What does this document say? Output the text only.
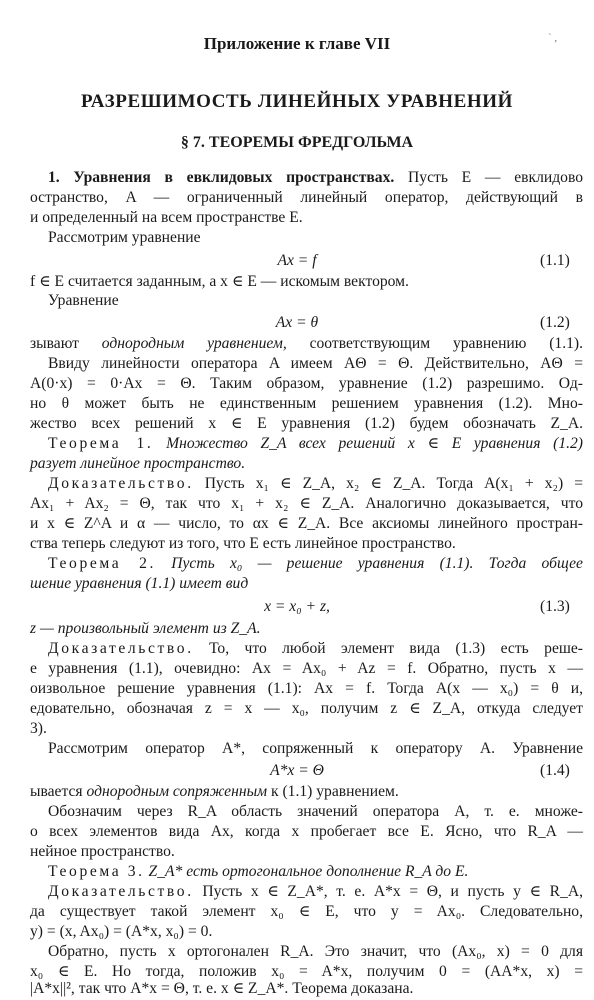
Приложение к главе VII	` ,
РАЗРЕШИМОСТЬ ЛИНЕЙНЫХ УРАВНЕНИЙ
§ 7. ТЕОРЕМЫ ФРЕДГОЛЬМА
1. Уравнения в евклидовых пространствах. Пусть E — евклидово
остранство, A — ограниченный линейный оператор, действующий в
и определенный на всем пространстве E.
Рассмотрим уравнение
Ax = f	(1.1)
f ∈ E считается заданным, а x ∈ E — искомым вектором.
Уравнение
Ax = θ	(1.2)
зывают однородным уравнением, соответствующим уравнению (1.1).
Ввиду линейности оператора A имеем AΘ = Θ. Действительно, AΘ =
A(0·x) = 0·Ax = Θ. Таким образом, уравнение (1.2) разрешимо. Од-
но θ может быть не единственным решением уравнения (1.2). Мно-
жество всех решений x ∈ E уравнения (1.2) будем обозначать Z_A.
Теорема 1. Множество Z_A всех решений x ∈ E уравнения (1.2)
разует линейное пространство.
Доказательство. Пусть x₁ ∈ Z_A, x₂ ∈ Z_A. Тогда A(x₁ + x₂) =
Ax₁ + Ax₂ = Θ, так что x₁ + x₂ ∈ Z_A. Аналогично доказывается, что
и x ∈ Z^A и α — число, то αx ∈ Z_A. Все аксиомы линейного простран-
ства теперь следуют из того, что E есть линейное пространство.
Теорема 2. Пусть x₀ — решение уравнения (1.1). Тогда общее
шение уравнения (1.1) имеет вид
x = x₀ + z,	(1.3)
z — произвольный элемент из Z_A.
Доказательство. То, что любой элемент вида (1.3) есть реше-
е уравнения (1.1), очевидно: Ax = Ax₀ + Az = f. Обратно, пусть x —
оизвольное решение уравнения (1.1): Ax = f. Тогда A(x — x₀) = θ и,
едовательно, обозначая z = x — x₀, получим z ∈ Z_A, откуда следует
3).
Рассмотрим оператор A*, сопряженный к оператору A. Уравнение
A*x = Θ	(1.4)
ывается однородным сопряженным к (1.1) уравнением.
Обозначим через R_A область значений оператора A, т. е. множе-
о всех элементов вида Ax, когда x пробегает все E. Ясно, что R_A —
нейное пространство.
Теорема 3. Z_A* есть ортогональное дополнение R_A до E.
Доказательство. Пусть x ∈ Z_A*, т. е. A*x = Θ, и пусть y ∈ R_A,
да существует такой элемент x₀ ∈ E, что y = Ax₀. Следовательно,
y) = (x, Ax₀) = (A*x, x₀) = 0.
Обратно, пусть x ортогонален R_A. Это значит, что (Ax₀, x) = 0 для
x₀ ∈ E. Но тогда, положив x₀ = A*x, получим 0 = (AA*x, x) =
|A*x||², так что A*x = Θ, т. е. x ∈ Z_A*. Теорема доказана.
